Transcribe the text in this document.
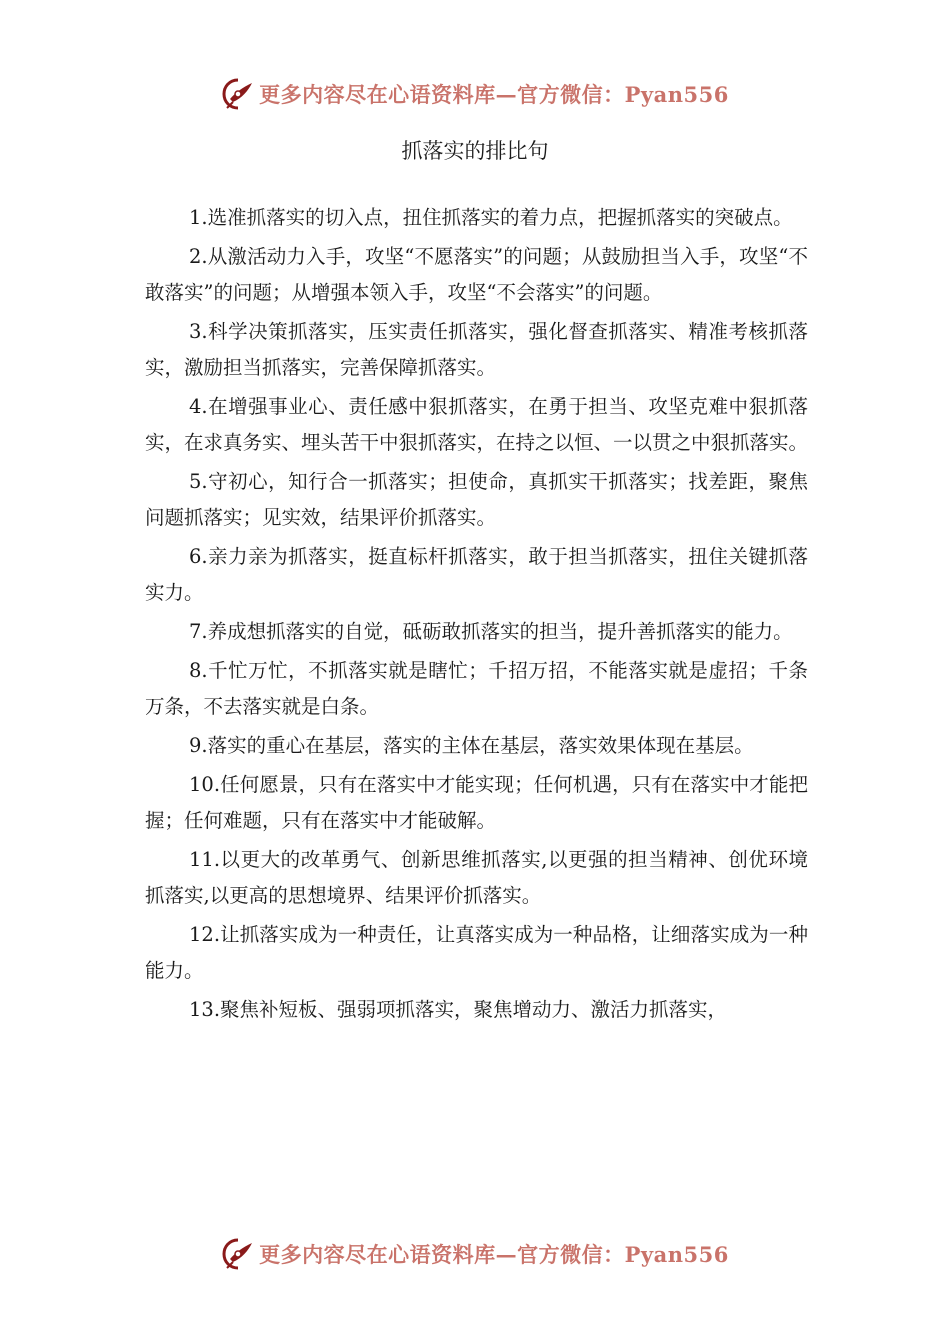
更多内容尽在心语资料库—官方微信：Pyan556
抓落实的排比句

1.选准抓落实的切入点，扭住抓落实的着力点，把握抓落实的突破点。

2.从激活动力入手，攻坚“不愿落实”的问题；从鼓励担当入手，攻坚“不敢落实”的问题；从增强本领入手，攻坚“不会落实”的问题。

3.科学决策抓落实，压实责任抓落实，强化督查抓落实、精准考核抓落实，激励担当抓落实，完善保障抓落实。

4.在增强事业心、责任感中狠抓落实，在勇于担当、攻坚克难中狠抓落实，在求真务实、埋头苦干中狠抓落实，在持之以恒、一以贯之中狠抓落实。

5.守初心，知行合一抓落实；担使命，真抓实干抓落实；找差距，聚焦问题抓落实；见实效，结果评价抓落实。

6.亲力亲为抓落实，挺直标杆抓落实，敢于担当抓落实，扭住关键抓落实力。

7.养成想抓落实的自觉，砥砺敢抓落实的担当，提升善抓落实的能力。

8.千忙万忙，不抓落实就是瞎忙；千招万招，不能落实就是虚招；千条万条，不去落实就是白条。

9.落实的重心在基层，落实的主体在基层，落实效果体现在基层。

10.任何愿景，只有在落实中才能实现；任何机遇，只有在落实中才能把握；任何难题，只有在落实中才能破解。

11.以更大的改革勇气、创新思维抓落实,以更强的担当精神、创优环境抓落实,以更高的思想境界、结果评价抓落实。

12.让抓落实成为一种责任，让真落实成为一种品格，让细落实成为一种能力。

13.聚焦补短板、强弱项抓落实，聚焦增动力、激活力抓落实，

更多内容尽在心语资料库—官方微信：Pyan556
